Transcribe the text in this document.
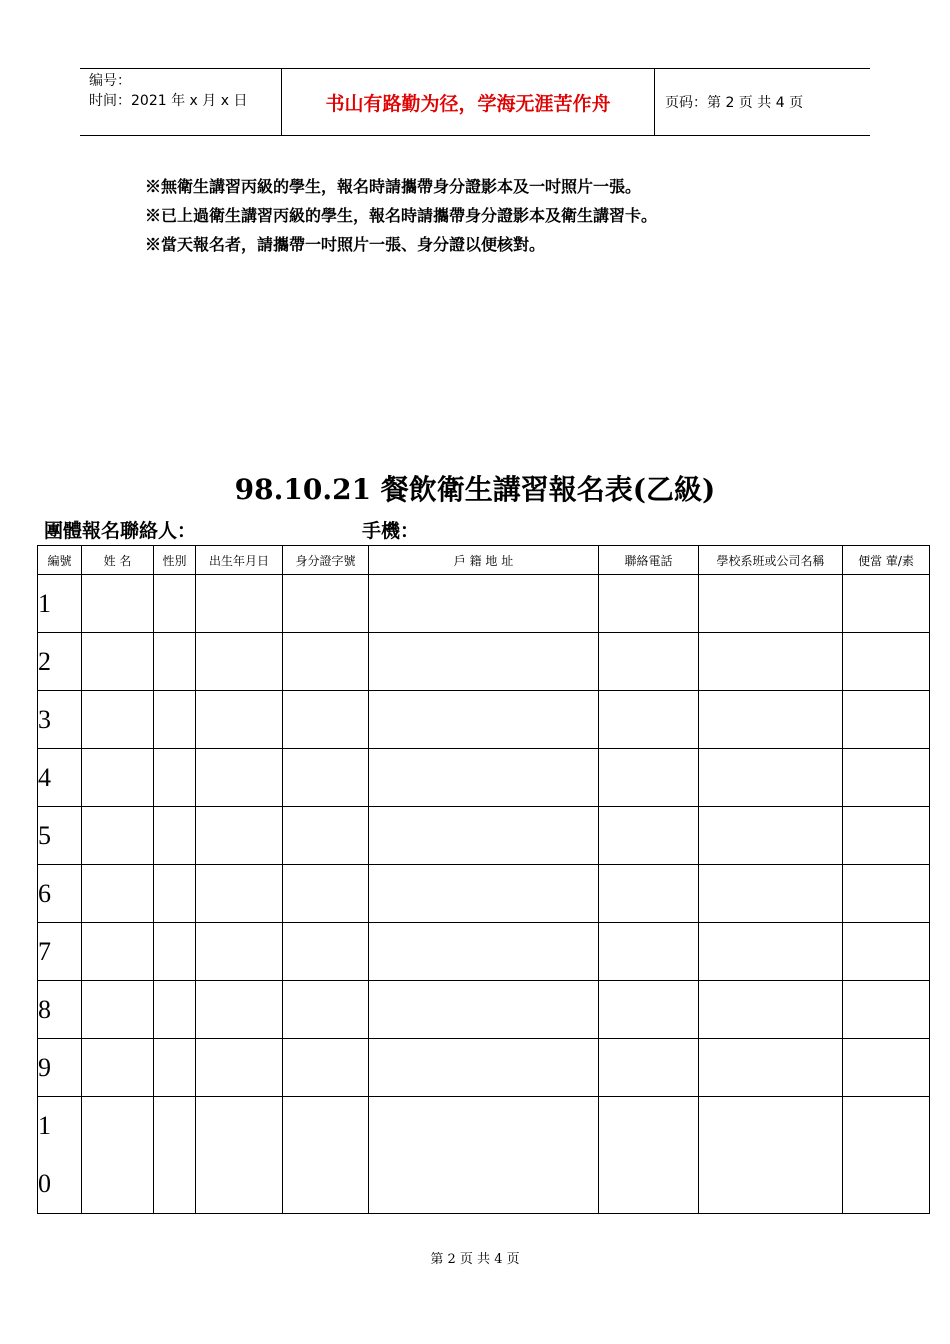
编号：
时间：2021 年 x 月 x 日	书山有路勤为径，学海无涯苦作舟	页码：第 2 页 共 4 页
※無衛生講習丙級的學生，報名時請攜帶身分證影本及一吋照片一張。
※已上過衛生講習丙級的學生，報名時請攜帶身分證影本及衛生講習卡。
※當天報名者，請攜帶一吋照片一張、身分證以便核對。
98.10.21 餐飲衛生講習報名表(乙級)
團體報名聯絡人：	手機：
編號	姓 名	性別	出生年月日	身分證字號	戶 籍 地 址	聯絡電話	學校系班或公司名稱	便當 葷/素
1								
2								
3								
4								
5								
6								
7								
8								
9								

1
0								

第 2 页 共 4 页
